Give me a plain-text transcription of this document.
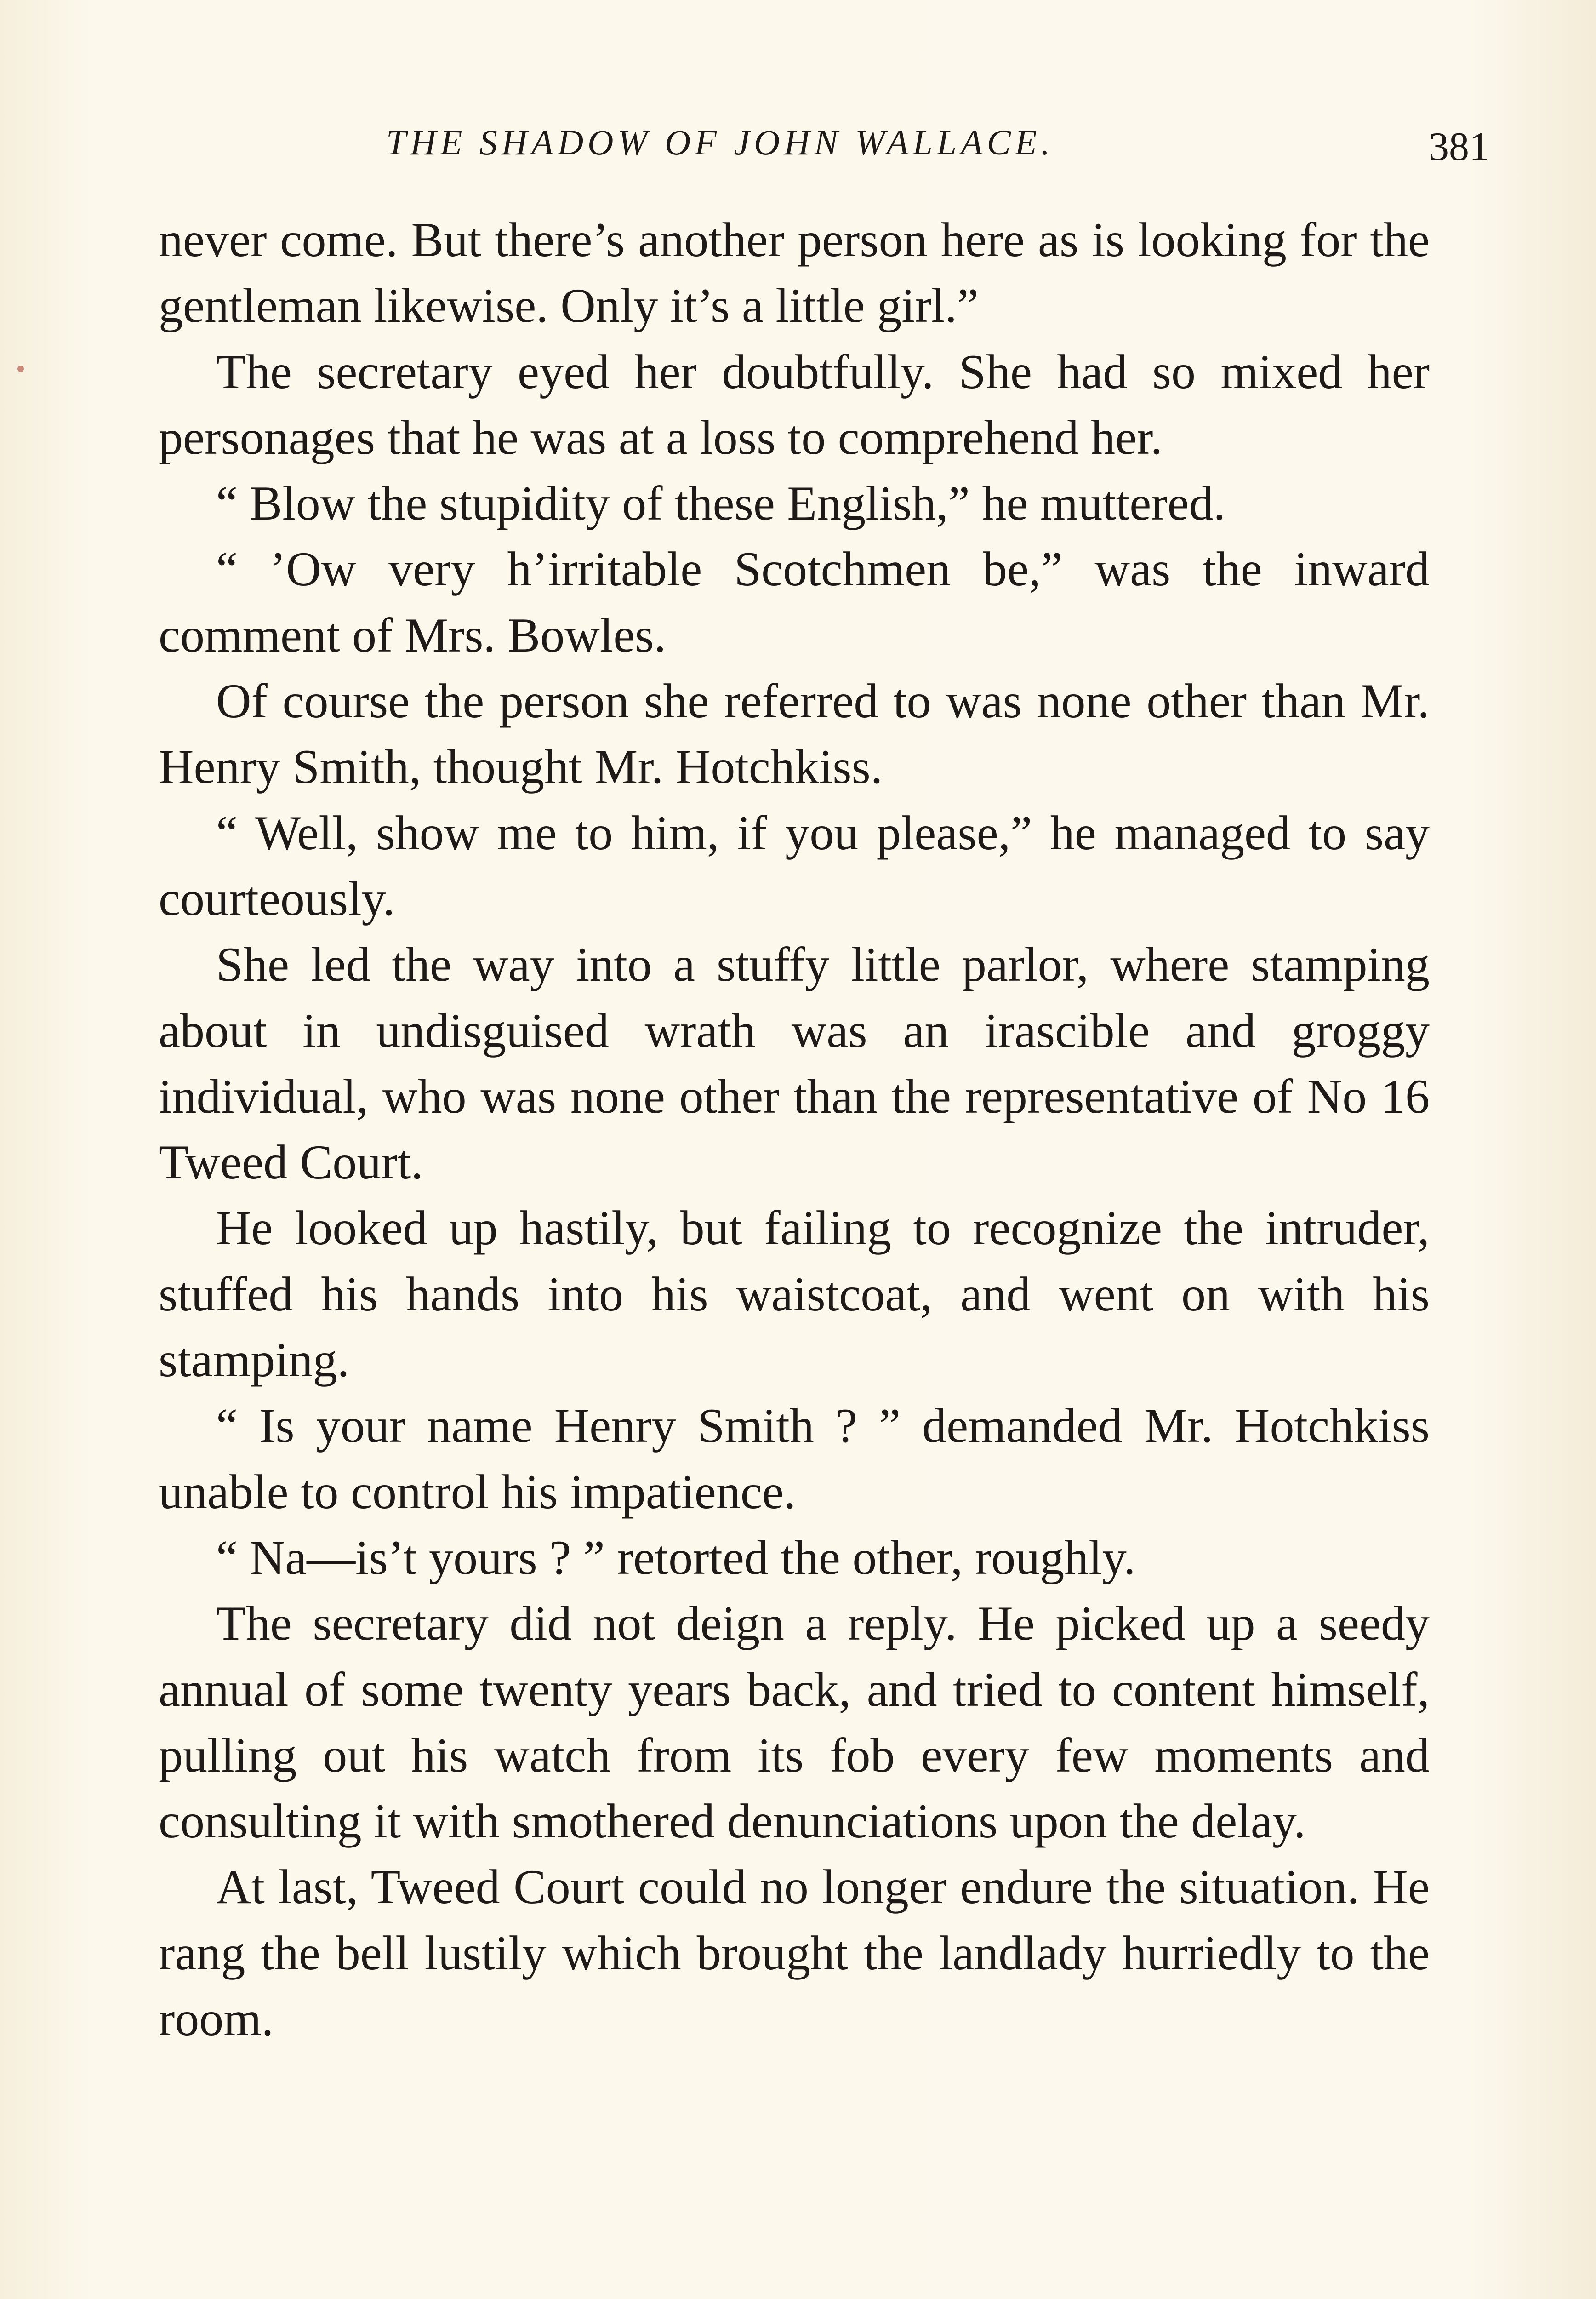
THE SHADOW OF JOHN WALLACE.	381

never come. But there’s another person here as is looking for the gentleman likewise. Only it’s a little girl.”

The secretary eyed her doubtfully. She had so mixed her personages that he was at a loss to comprehend her.

“ Blow the stupidity of these English,” he muttered.

“ ’Ow very h’irritable Scotchmen be,” was the inward comment of Mrs. Bowles.

Of course the person she referred to was none other than Mr. Henry Smith, thought Mr. Hotchkiss.

“ Well, show me to him, if you please,” he managed to say courteously.

She led the way into a stuffy little parlor, where stamping about in undisguised wrath was an irascible and groggy individual, who was none other than the representative of No 16 Tweed Court.

He looked up hastily, but failing to recognize the intruder, stuffed his hands into his waistcoat, and went on with his stamping.

“ Is your name Henry Smith ? ” demanded Mr. Hotchkiss unable to control his impatience.

“ Na—is’t yours ? ” retorted the other, roughly.

The secretary did not deign a reply. He picked up a seedy annual of some twenty years back, and tried to content himself, pulling out his watch from its fob every few moments and consulting it with smothered denunciations upon the delay.

At last, Tweed Court could no longer endure the situation. He rang the bell lustily which brought the landlady hurriedly to the room.
